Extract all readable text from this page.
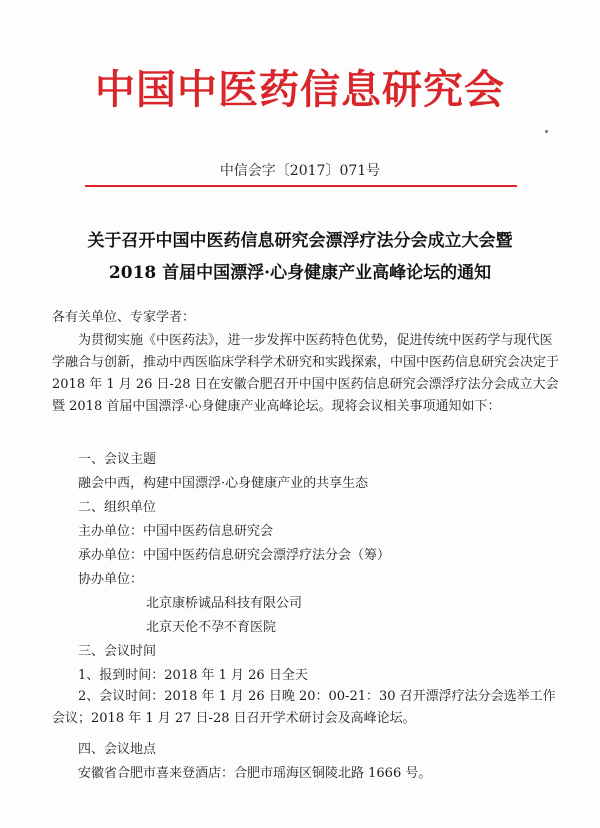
中国中医药信息研究会
中信会字〔2017〕071号
关于召开中国中医药信息研究会漂浮疗法分会成立大会暨
2018 首届中国漂浮·心身健康产业高峰论坛的通知
各有关单位、专家学者：
为贯彻实施《中医药法》，进一步发挥中医药特色优势，促进传统中医药学与现代医学融合与创新，推动中西医临床学科学术研究和实践探索，中国中医药信息研究会决定于 2018 年 1 月 26 日-28 日在安徽合肥召开中国中医药信息研究会漂浮疗法分会成立大会暨 2018 首届中国漂浮·心身健康产业高峰论坛。现将会议相关事项通知如下：
一、会议主题
融会中西，构建中国漂浮·心身健康产业的共享生态
二、组织单位
主办单位：中国中医药信息研究会
承办单位：中国中医药信息研究会漂浮疗法分会（筹）
协办单位：
北京康桥诚品科技有限公司
北京天伦不孕不育医院
三、会议时间
1、报到时间：2018 年 1 月 26 日全天
2、会议时间：2018 年 1 月 26 日晚 20：00-21：30 召开漂浮疗法分会选举工作会议；2018 年 1 月 27 日-28 日召开学术研讨会及高峰论坛。
四、会议地点
安徽省合肥市喜来登酒店：合肥市瑶海区铜陵北路 1666 号。
